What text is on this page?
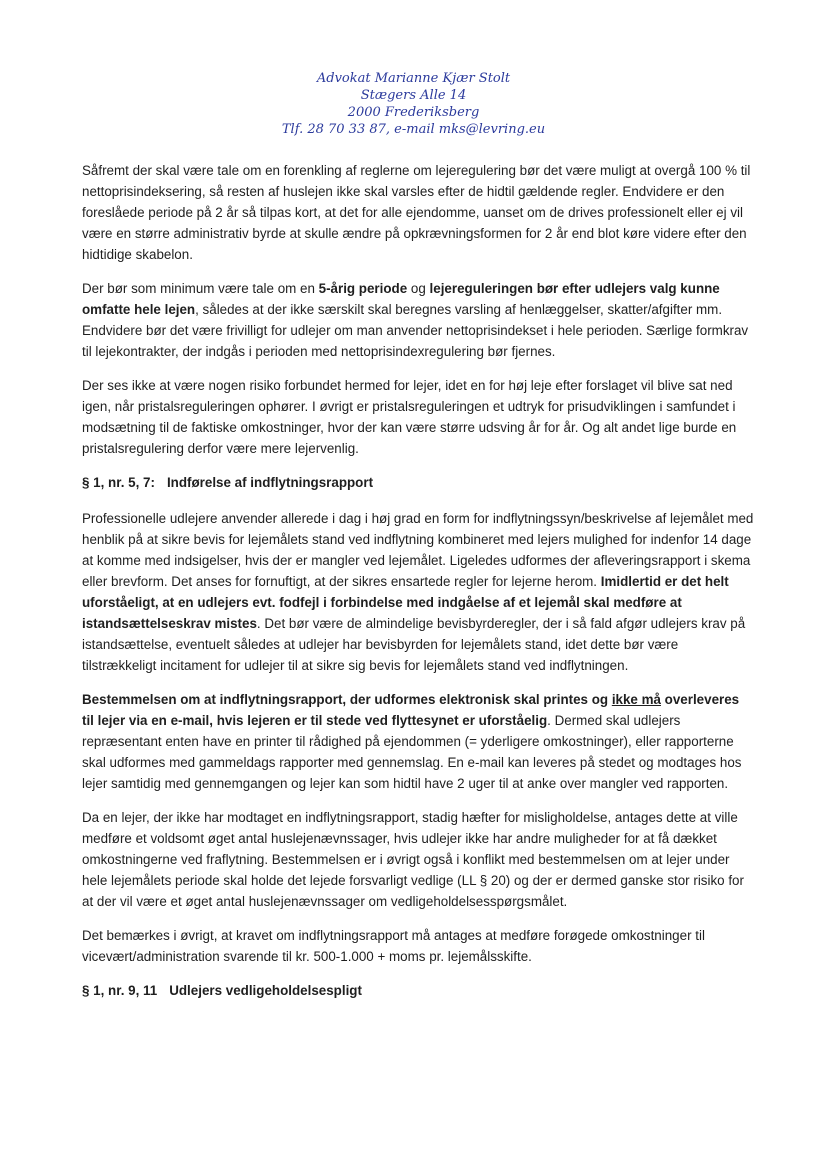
Advokat Marianne Kjær Stolt
Stægers Alle 14
2000 Frederiksberg
Tlf. 28 70 33 87, e-mail mks@levring.eu

Såfremt der skal være tale om en forenkling af reglerne om lejeregulering bør det være muligt at overgå 100 % til nettoprisindeksering, så resten af huslejen ikke skal varsles efter de hidtil gældende regler. Endvidere er den foreslåede periode på 2 år så tilpas kort, at det for alle ejendomme, uanset om de drives professionelt eller ej vil være en større administrativ byrde at skulle ændre på opkrævningsformen for 2 år end blot køre videre efter den hidtidige skabelon.

Der bør som minimum være tale om en 5-årig periode og lejereguleringen bør efter udlejers valg kunne omfatte hele lejen, således at der ikke særskilt skal beregnes varsling af henlæggelser, skatter/afgifter mm. Endvidere bør det være frivilligt for udlejer om man anvender nettoprisindekset i hele perioden. Særlige formkrav til lejekontrakter, der indgås i perioden med nettoprisindexregulering bør fjernes.

Der ses ikke at være nogen risiko forbundet hermed for lejer, idet en for høj leje efter forslaget vil blive sat ned igen, når pristalsreguleringen ophører. I øvrigt er pristalsreguleringen et udtryk for prisudviklingen i samfundet i modsætning til de faktiske omkostninger, hvor der kan være større udsving år for år. Og alt andet lige burde en pristalsregulering derfor være mere lejervenlig.

§ 1, nr. 5, 7: Indførelse af indflytningsrapport

Professionelle udlejere anvender allerede i dag i høj grad en form for indflytningssyn/beskrivelse af lejemålet med henblik på at sikre bevis for lejemålets stand ved indflytning kombineret med lejers mulighed for indenfor 14 dage at komme med indsigelser, hvis der er mangler ved lejemålet. Ligeledes udformes der afleveringsrapport i skema eller brevform. Det anses for fornuftigt, at der sikres ensartede regler for lejerne herom. Imidlertid er det helt uforståeligt, at en udlejers evt. fodfejl i forbindelse med indgåelse af et lejemål skal medføre at istandsættelseskrav mistes. Det bør være de almindelige bevisbyrderegler, der i så fald afgør udlejers krav på istandsættelse, eventuelt således at udlejer har bevisbyrden for lejemålets stand, idet dette bør være tilstrækkeligt incitament for udlejer til at sikre sig bevis for lejemålets stand ved indflytningen.

Bestemmelsen om at indflytningsrapport, der udformes elektronisk skal printes og ikke må overleveres til lejer via en e-mail, hvis lejeren er til stede ved flyttesynet er uforståelig. Dermed skal udlejers repræsentant enten have en printer til rådighed på ejendommen (= yderligere omkostninger), eller rapporterne skal udformes med gammeldags rapporter med gennemslag. En e-mail kan leveres på stedet og modtages hos lejer samtidig med gennemgangen og lejer kan som hidtil have 2 uger til at anke over mangler ved rapporten.

Da en lejer, der ikke har modtaget en indflytningsrapport, stadig hæfter for misligholdelse, antages dette at ville medføre et voldsomt øget antal huslejenævnssager, hvis udlejer ikke har andre muligheder for at få dækket omkostningerne ved fraflytning. Bestemmelsen er i øvrigt også i konflikt med bestemmelsen om at lejer under hele lejemålets periode skal holde det lejede forsvarligt vedlige (LL § 20) og der er dermed ganske stor risiko for at der vil være et øget antal huslejenævnssager om vedligeholdelsesspørgsmålet.

Det bemærkes i øvrigt, at kravet om indflytningsrapport må antages at medføre forøgede omkostninger til vicevært/administration svarende til kr. 500-1.000 + moms pr. lejemålsskifte.

§ 1, nr. 9, 11 Udlejers vedligeholdelsespligt
